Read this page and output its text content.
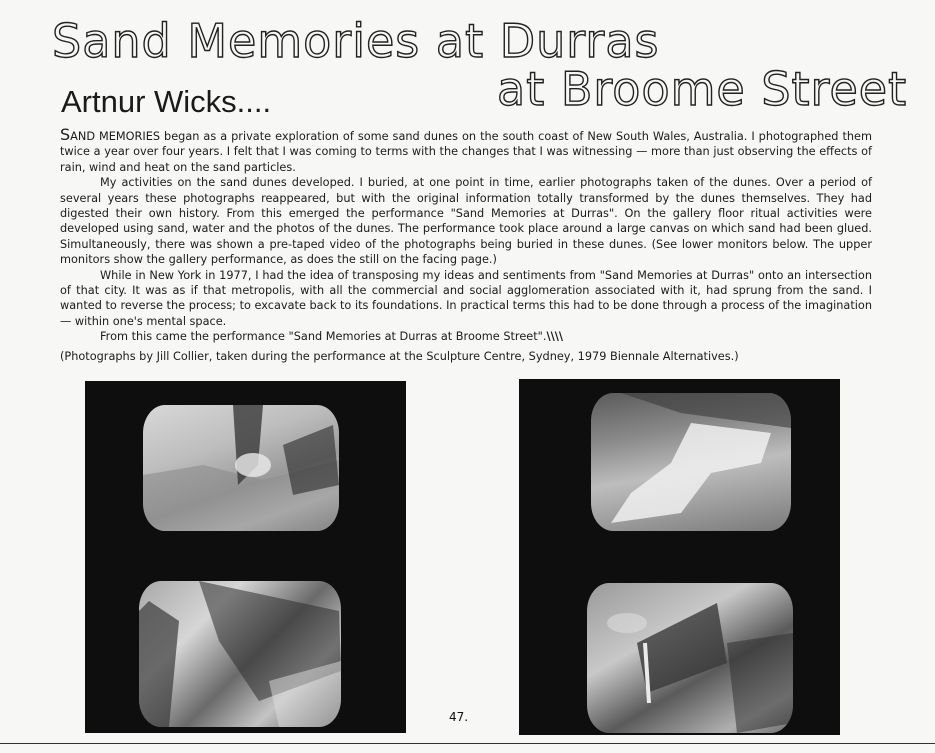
Sand Memories at Durras
at Broome Street
Artnur Wicks....

SAND MEMORIES began as a private exploration of some sand dunes on the south coast of New South Wales, Australia. I photographed them twice a year over four years. I felt that I was coming to terms with the changes that I was witnessing — more than just observing the effects of rain, wind and heat on the sand particles.

My activities on the sand dunes developed. I buried, at one point in time, earlier photographs taken of the dunes. Over a period of several years these photographs reappeared, but with the original information totally transformed by the dunes themselves. They had digested their own history. From this emerged the performance "Sand Memories at Durras". On the gallery floor ritual activities were developed using sand, water and the photos of the dunes. The performance took place around a large canvas on which sand had been glued. Simultaneously, there was shown a pre-taped video of the photographs being buried in these dunes. (See lower monitors below. The upper monitors show the gallery performance, as does the still on the facing page.)

While in New York in 1977, I had the idea of transposing my ideas and sentiments from "Sand Memories at Durras" onto an intersection of that city. It was as if that metropolis, with all the commercial and social agglomeration associated with it, had sprung from the sand. I wanted to reverse the process; to excavate back to its foundations. In practical terms this had to be done through a process of the imagination — within one's mental space.

From this came the performance "Sand Memories at Durras at Broome Street".\\\\

(Photographs by Jill Collier, taken during the performance at the Sculpture Centre, Sydney, 1979 Biennale Alternatives.)
47.
